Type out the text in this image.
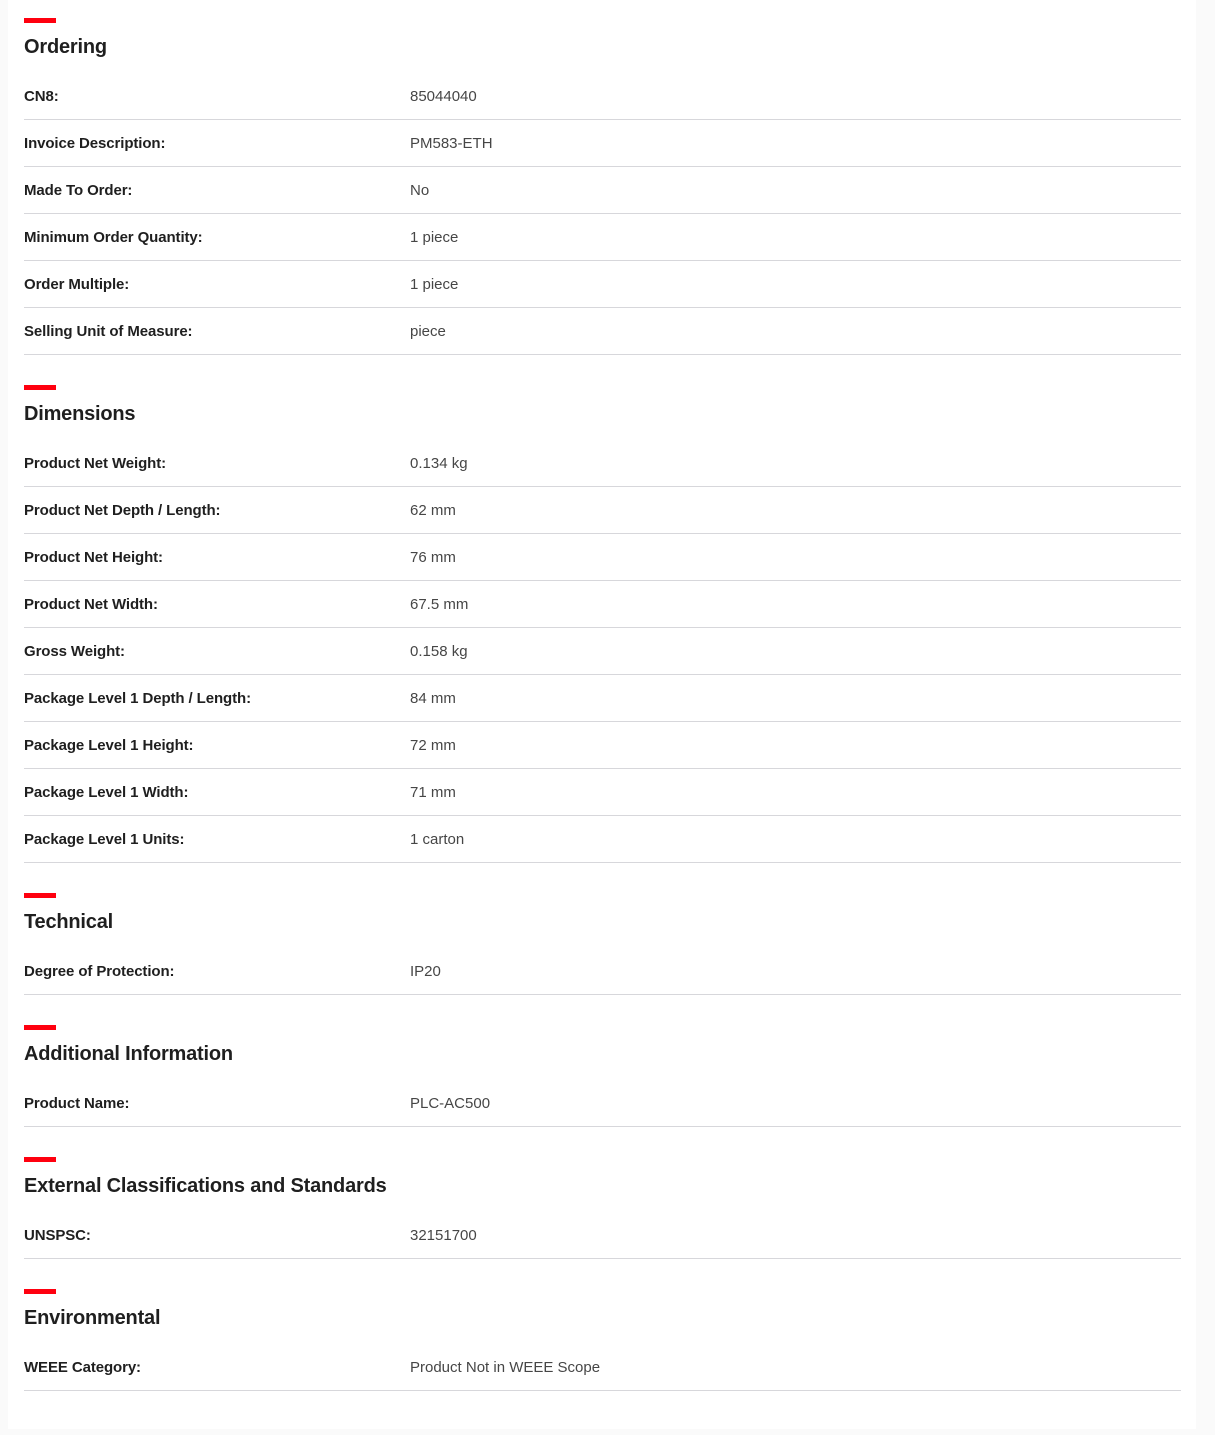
Ordering
CN8:	85044040
Invoice Description:	PM583-ETH
Made To Order:	No
Minimum Order Quantity:	1 piece
Order Multiple:	1 piece
Selling Unit of Measure:	piece
Dimensions
Product Net Weight:	0.134 kg
Product Net Depth / Length:	62 mm
Product Net Height:	76 mm
Product Net Width:	67.5 mm
Gross Weight:	0.158 kg
Package Level 1 Depth / Length:	84 mm
Package Level 1 Height:	72 mm
Package Level 1 Width:	71 mm
Package Level 1 Units:	1 carton
Technical
Degree of Protection:	IP20
Additional Information
Product Name:	PLC-AC500
External Classifications and Standards
UNSPSC:	32151700
Environmental
WEEE Category:	Product Not in WEEE Scope
